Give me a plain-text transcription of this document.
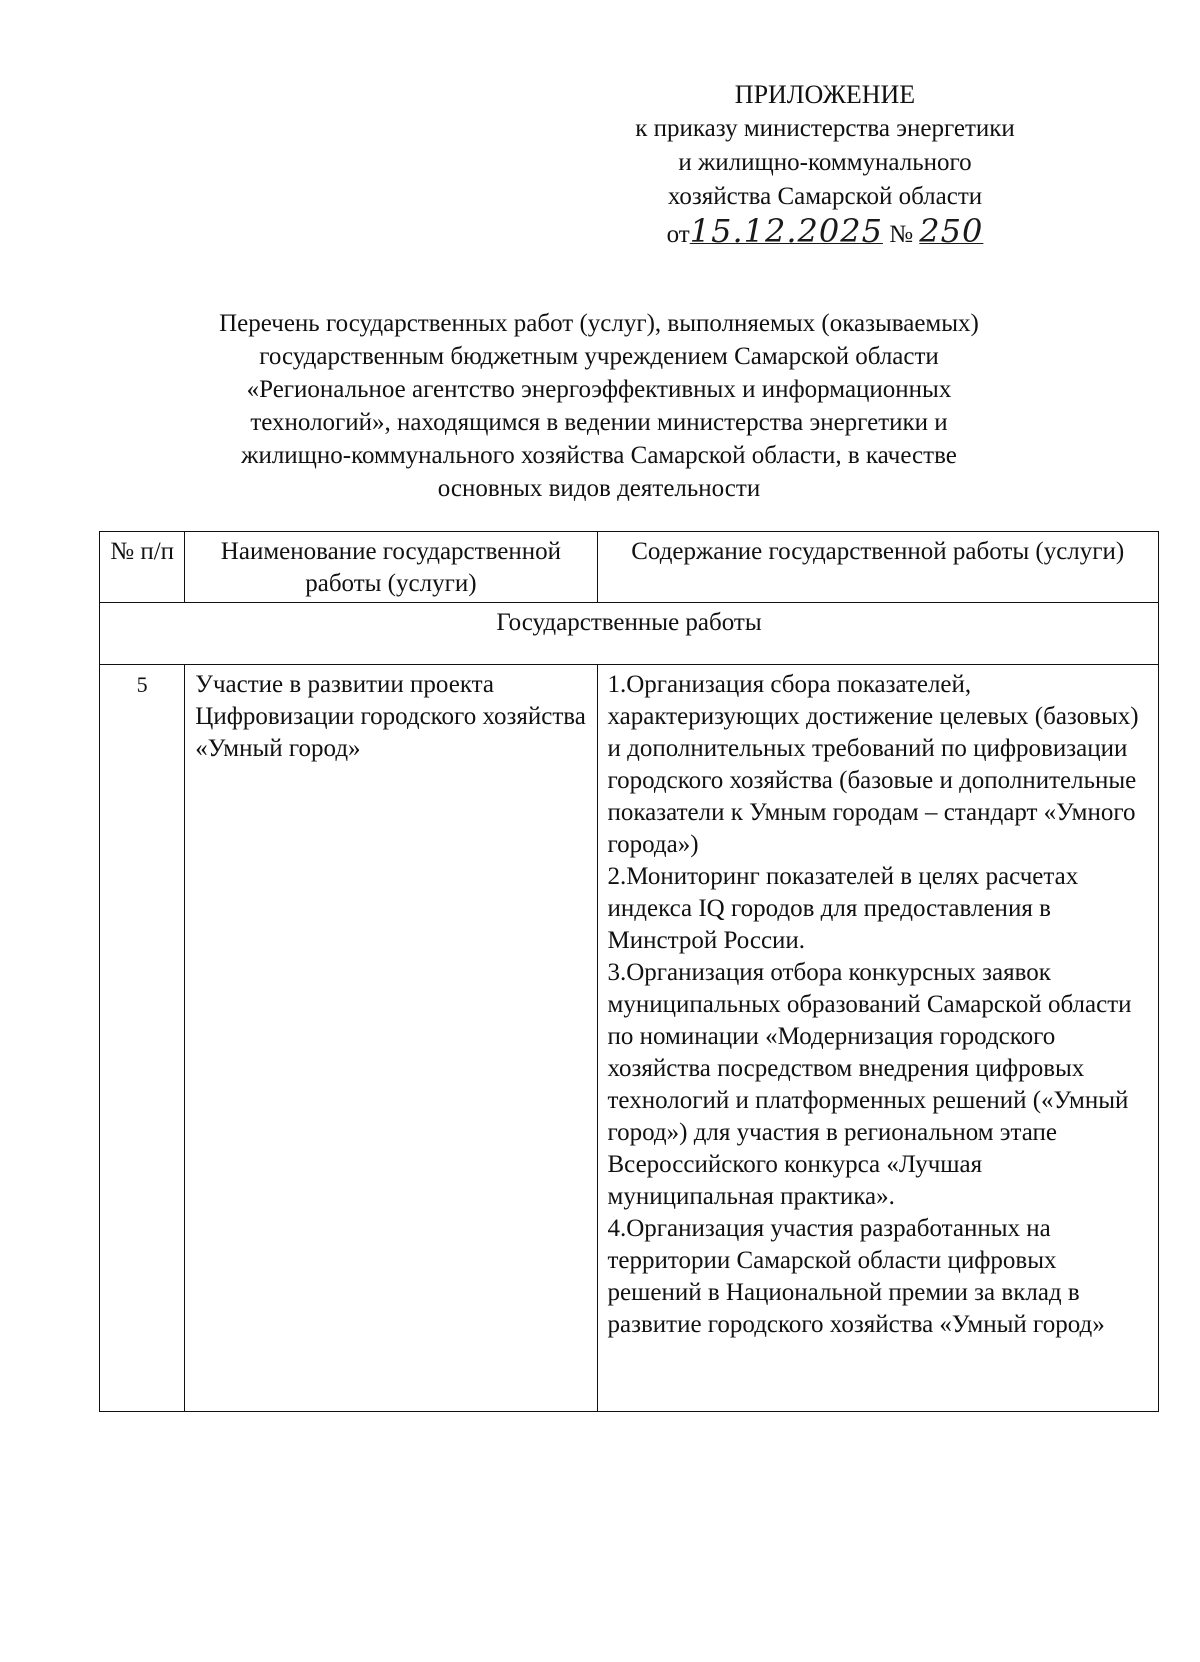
ПРИЛОЖЕНИЕ
к приказу министерства энергетики
и жилищно-коммунального
хозяйства Самарской области
от15.12.2025 № 250
Перечень государственных работ (услуг), выполняемых (оказываемых)
государственным бюджетным учреждением Самарской области
«Региональное агентство энергоэффективных и информационных
технологий», находящимся в ведении министерства энергетики и
жилищно-коммунального хозяйства Самарской области, в качестве
основных видов деятельности
№ п/п	Наименование государственной работы (услуги)	Содержание государственной работы (услуги)
Государственные работы		
5	Участие в развитии проекта Цифровизации городского хозяйства «Умный город»	1.Организация сбора показателей, характеризующих достижение целевых (базовых) и дополнительных требований по цифровизации городского хозяйства (базовые и дополнительные показатели к Умным городам – стандарт «Умного города»)
2.Мониторинг показателей в целях расчетах индекса IQ городов для предоставления в Минстрой России.
3.Организация отбора конкурсных заявок муниципальных образований Самарской области по номинации «Модернизация городского хозяйства посредством внедрения цифровых технологий и платформенных решений («Умный город») для участия в региональном этапе Всероссийского конкурса «Лучшая муниципальная практика».
4.Организация участия разработанных на территории Самарской области цифровых решений в Национальной премии за вклад в развитие городского хозяйства «Умный город»
